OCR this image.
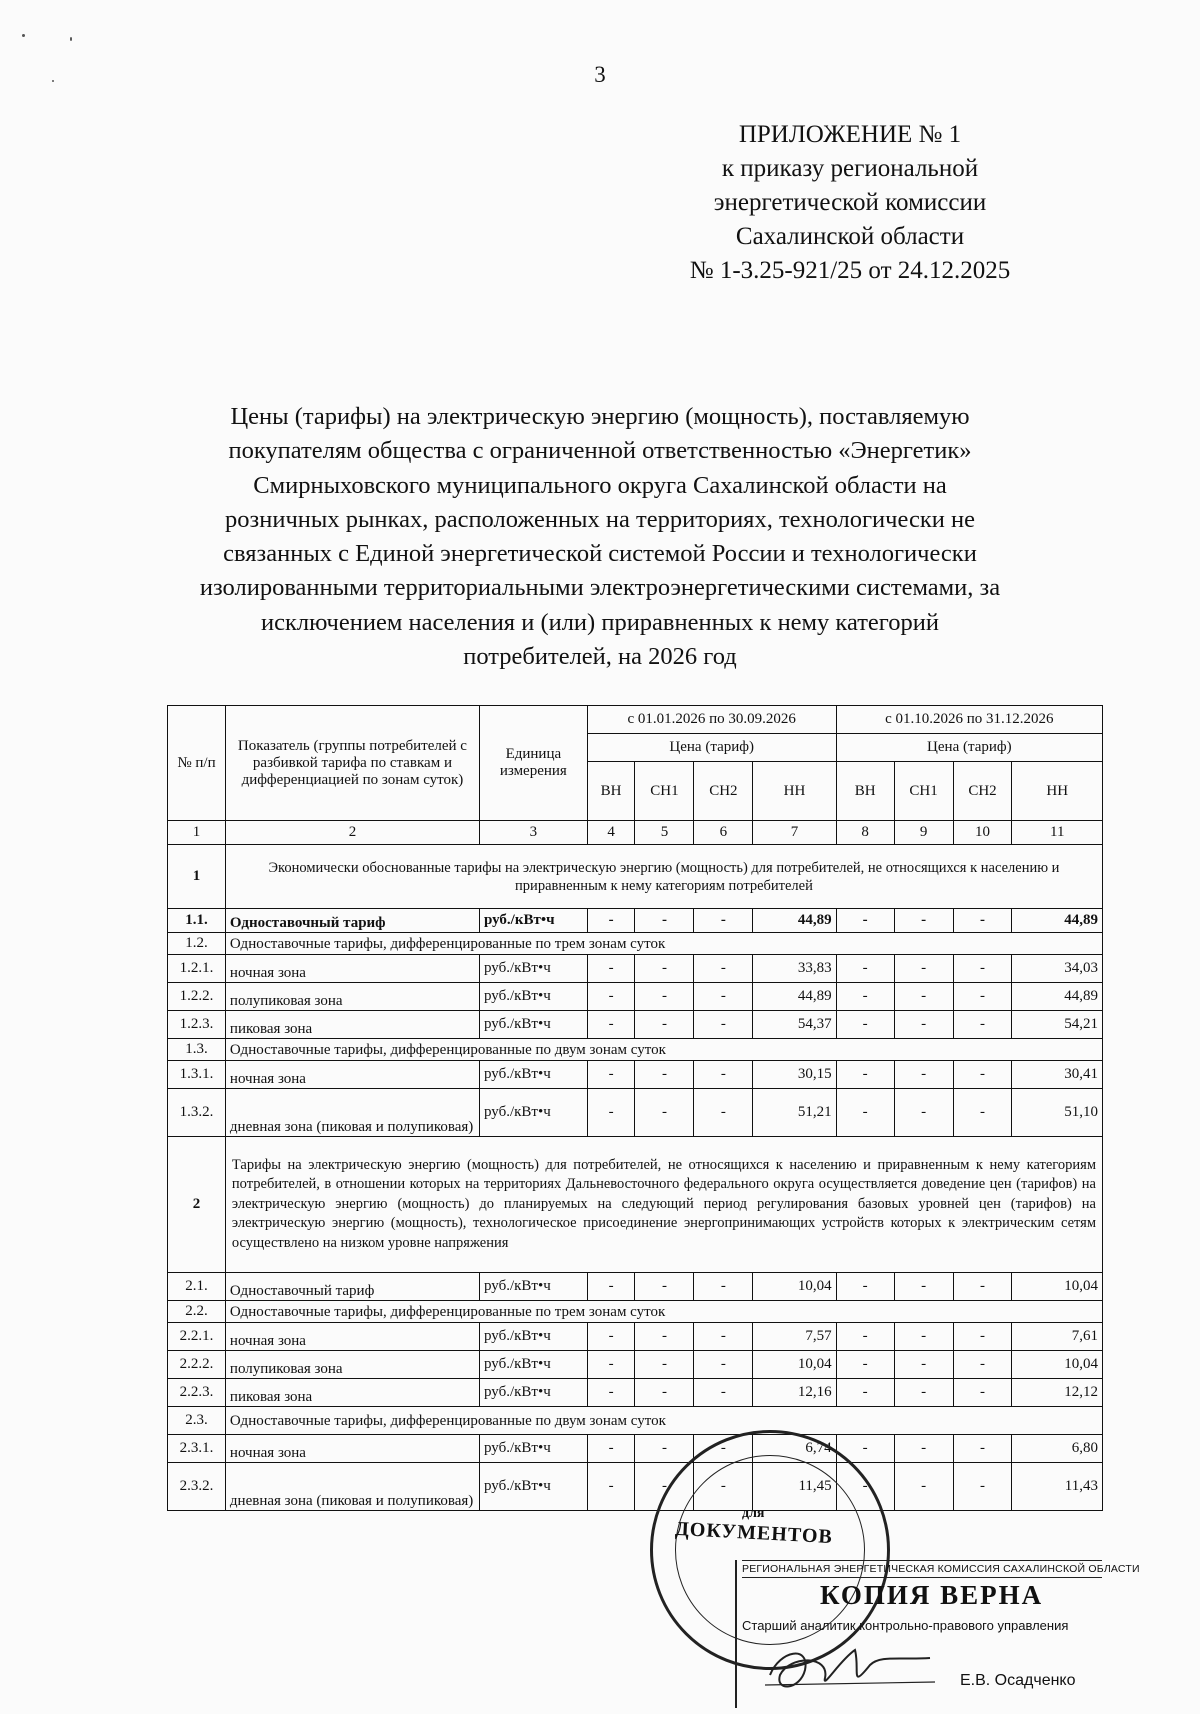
3
ПРИЛОЖЕНИЕ № 1
к приказу региональной
энергетической комиссии
Сахалинской области
№ 1-3.25-921/25 от 24.12.2025
Цены (тарифы) на электрическую энергию (мощность), поставляемую
покупателям общества с ограниченной ответственностью «Энергетик»
Смирныховского муниципального округа Сахалинской области на
розничных рынках, расположенных на территориях, технологически не
связанных с Единой энергетической системой России и технологически
изолированными территориальными электроэнергетическими системами, за
исключением населения и (или) приравненных к нему категорий
потребителей, на 2026 год
№ п/п	Показатель (группы потребителей с разбивкой тарифа по ставкам и дифференциацией по зонам суток)	Единица измерения	с 01.01.2026 по 30.09.2026				с 01.10.2026 по 31.12.2026			
			Цена (тариф)				Цена (тариф)			
			ВН	СН1	СН2	НН	ВН	СН1	СН2	НН
1	2	3	4	5	6	7	8	9	10	11
1	Экономически обоснованные тарифы на электрическую энергию (мощность) для потребителей, не относящихся к населению и приравненным к нему категориям потребителей									
1.1.	Одноставочный тариф	руб./кВт•ч	-	-	-	44,89	-	-	-	44,89
1.2.	Одноставочные тарифы, дифференцированные по трем зонам суток									
1.2.1.	ночная зона	руб./кВт•ч	-	-	-	33,83	-	-	-	34,03
1.2.2.	полупиковая зона	руб./кВт•ч	-	-	-	44,89	-	-	-	44,89
1.2.3.	пиковая зона	руб./кВт•ч	-	-	-	54,37	-	-	-	54,21
1.3.	Одноставочные тарифы, дифференцированные по двум зонам суток									
1.3.1.	ночная зона	руб./кВт•ч	-	-	-	30,15	-	-	-	30,41
1.3.2.	дневная зона (пиковая и полупиковая)	руб./кВт•ч	-	-	-	51,21	-	-	-	51,10
2	Тарифы на электрическую энергию (мощность) для потребителей, не относящихся к населению и приравненным к нему категориям потребителей, в отношении которых на территориях Дальневосточного федерального округа осуществляется доведение цен (тарифов) на электрическую энергию (мощность) до планируемых на следующий период регулирования базовых уровней цен (тарифов) на электрическую энергию (мощность), технологическое присоединение энергопринимающих устройств которых к электрическим сетям осуществлено на низком уровне напряжения									
2.1.	Одноставочный тариф	руб./кВт•ч	-	-	-	10,04	-	-	-	10,04
2.2.	Одноставочные тарифы, дифференцированные по трем зонам суток									
2.2.1.	ночная зона	руб./кВт•ч	-	-	-	7,57	-	-	-	7,61
2.2.2.	полупиковая зона	руб./кВт•ч	-	-	-	10,04	-	-	-	10,04
2.2.3.	пиковая зона	руб./кВт•ч	-	-	-	12,16	-	-	-	12,12
2.3.	Одноставочные тарифы, дифференцированные по двум зонам суток									
2.3.1.	ночная зона	руб./кВт•ч	-	-	-	6,74	-	-	-	6,80
2.3.2.	дневная зона (пиковая и полупиковая)	руб./кВт•ч	-	-	-	11,45	-	-	-	11,43
для
ДОКУМЕНТОВ
РЕГИОНАЛЬНАЯ ЭНЕРГЕТИЧЕСКАЯ КОМИССИЯ САХАЛИНСКОЙ ОБЛАСТИ
КОПИЯ ВЕРНА
Старший аналитик контрольно-правового управления
Е.В. Осадченко
